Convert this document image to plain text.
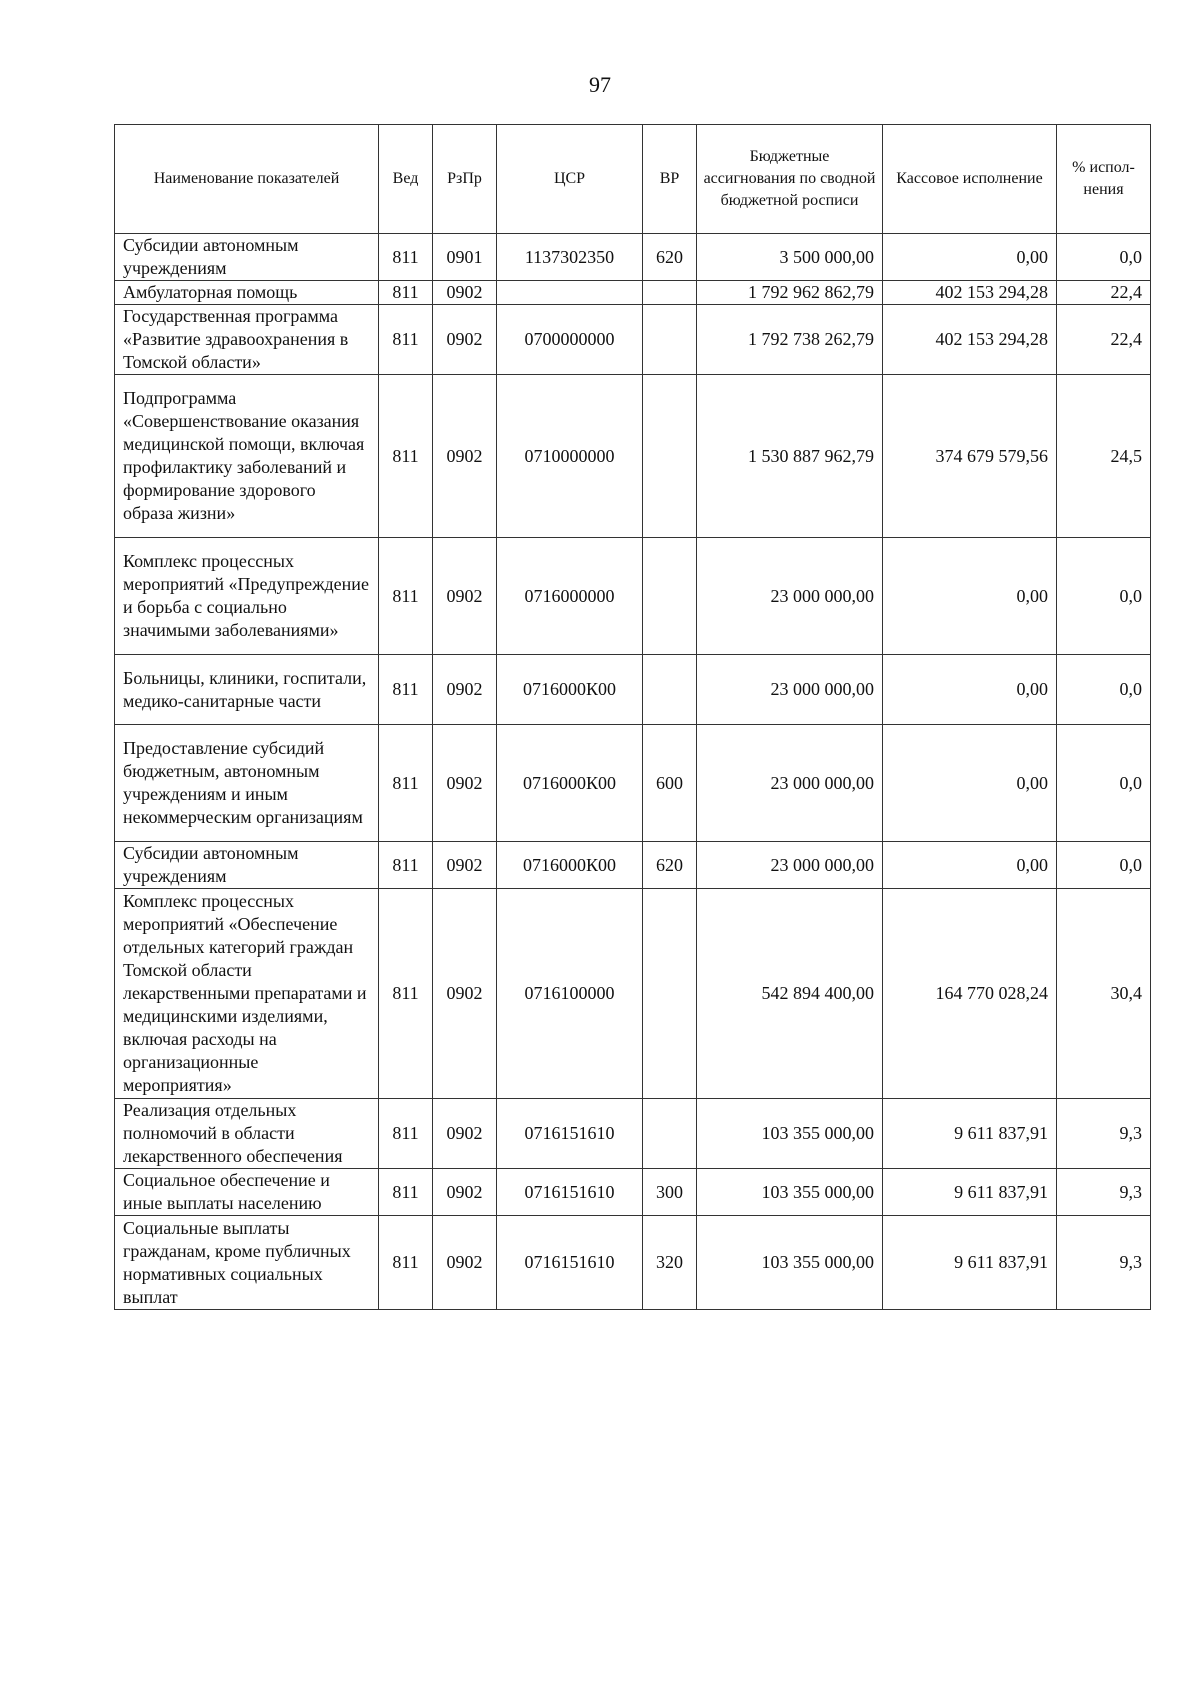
97
Наименование показателей	Вед	РзПр	ЦСР	ВР	Бюджетные ассигнования по сводной бюджетной росписи	Кассовое исполнение	% испол-нения
Субсидии автономным учреждениям	811	0901	1137302350	620	3 500 000,00	0,00	0,0
Амбулаторная помощь	811	0902			1 792 962 862,79	402 153 294,28	22,4
Государственная программа «Развитие здравоохранения в Томской области»	811	0902	0700000000		1 792 738 262,79	402 153 294,28	22,4
Подпрограмма «Совершенствование оказания медицинской помощи, включая профилактику заболеваний и формирование здорового образа жизни»	811	0902	0710000000		1 530 887 962,79	374 679 579,56	24,5
Комплекс процессных мероприятий «Предупреждение и борьба с социально значимыми заболеваниями»	811	0902	0716000000		23 000 000,00	0,00	0,0
Больницы, клиники, госпитали, медико-санитарные части	811	0902	0716000К00		23 000 000,00	0,00	0,0
Предоставление субсидий бюджетным, автономным учреждениям и иным некоммерческим организациям	811	0902	0716000К00	600	23 000 000,00	0,00	0,0
Субсидии автономным учреждениям	811	0902	0716000К00	620	23 000 000,00	0,00	0,0
Комплекс процессных мероприятий «Обеспечение отдельных категорий граждан Томской области лекарственными препаратами и медицинскими изделиями, включая расходы на организационные мероприятия»	811	0902	0716100000		542 894 400,00	164 770 028,24	30,4
Реализация отдельных полномочий в области лекарственного обеспечения	811	0902	0716151610		103 355 000,00	9 611 837,91	9,3
Социальное обеспечение и иные выплаты населению	811	0902	0716151610	300	103 355 000,00	9 611 837,91	9,3
Социальные выплаты гражданам, кроме публичных нормативных социальных выплат	811	0902	0716151610	320	103 355 000,00	9 611 837,91	9,3
